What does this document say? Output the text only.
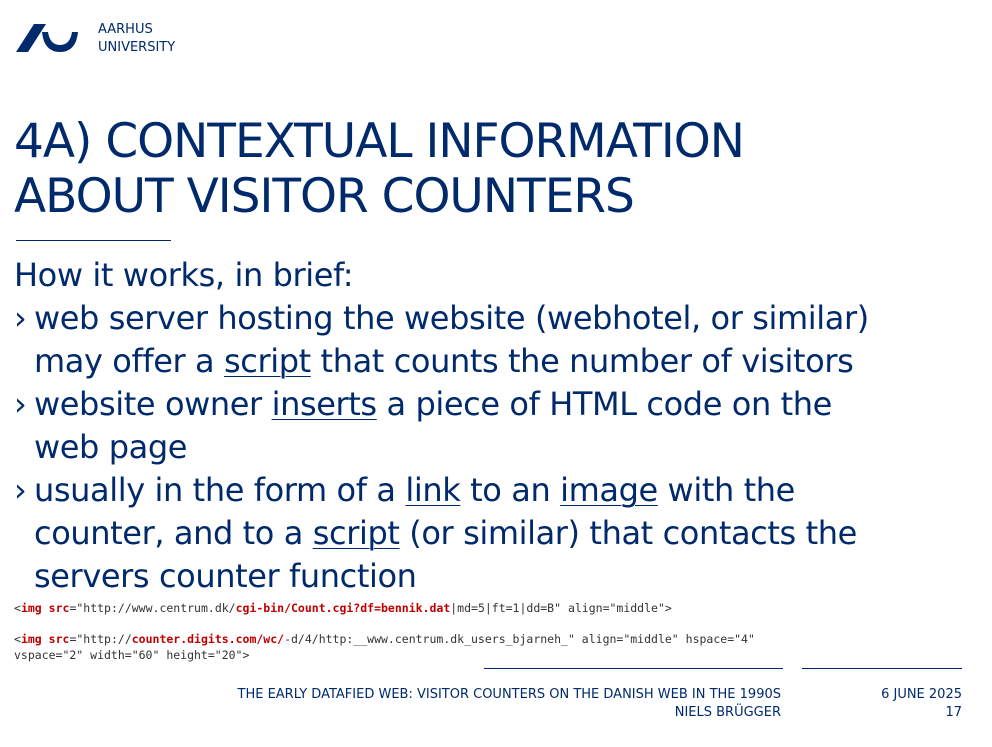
AARHUS
UNIVERSITY
4A) CONTEXTUAL INFORMATION
ABOUT VISITOR COUNTERS
How it works, in brief:
› web server hosting the website (webhotel, or similar)
may offer a script that counts the number of visitors
› website owner inserts a piece of HTML code on the
web page
› usually in the form of a link to an image with the
counter, and to a script (or similar) that contacts the
servers counter function
<img src="http://www.centrum.dk/cgi-bin/Count.cgi?df=bennik.dat|md=5|ft=1|dd=B" align="middle">
<img src="http://counter.digits.com/wc/-d/4/http:__www.centrum.dk_users_bjarneh_" align="middle" hspace="4"
vspace="2" width="60" height="20">
THE EARLY DATAFIED WEB: VISITOR COUNTERS ON THE DANISH WEB IN THE 1990S
NIELS BRÜGGER
6 JUNE 2025
17
